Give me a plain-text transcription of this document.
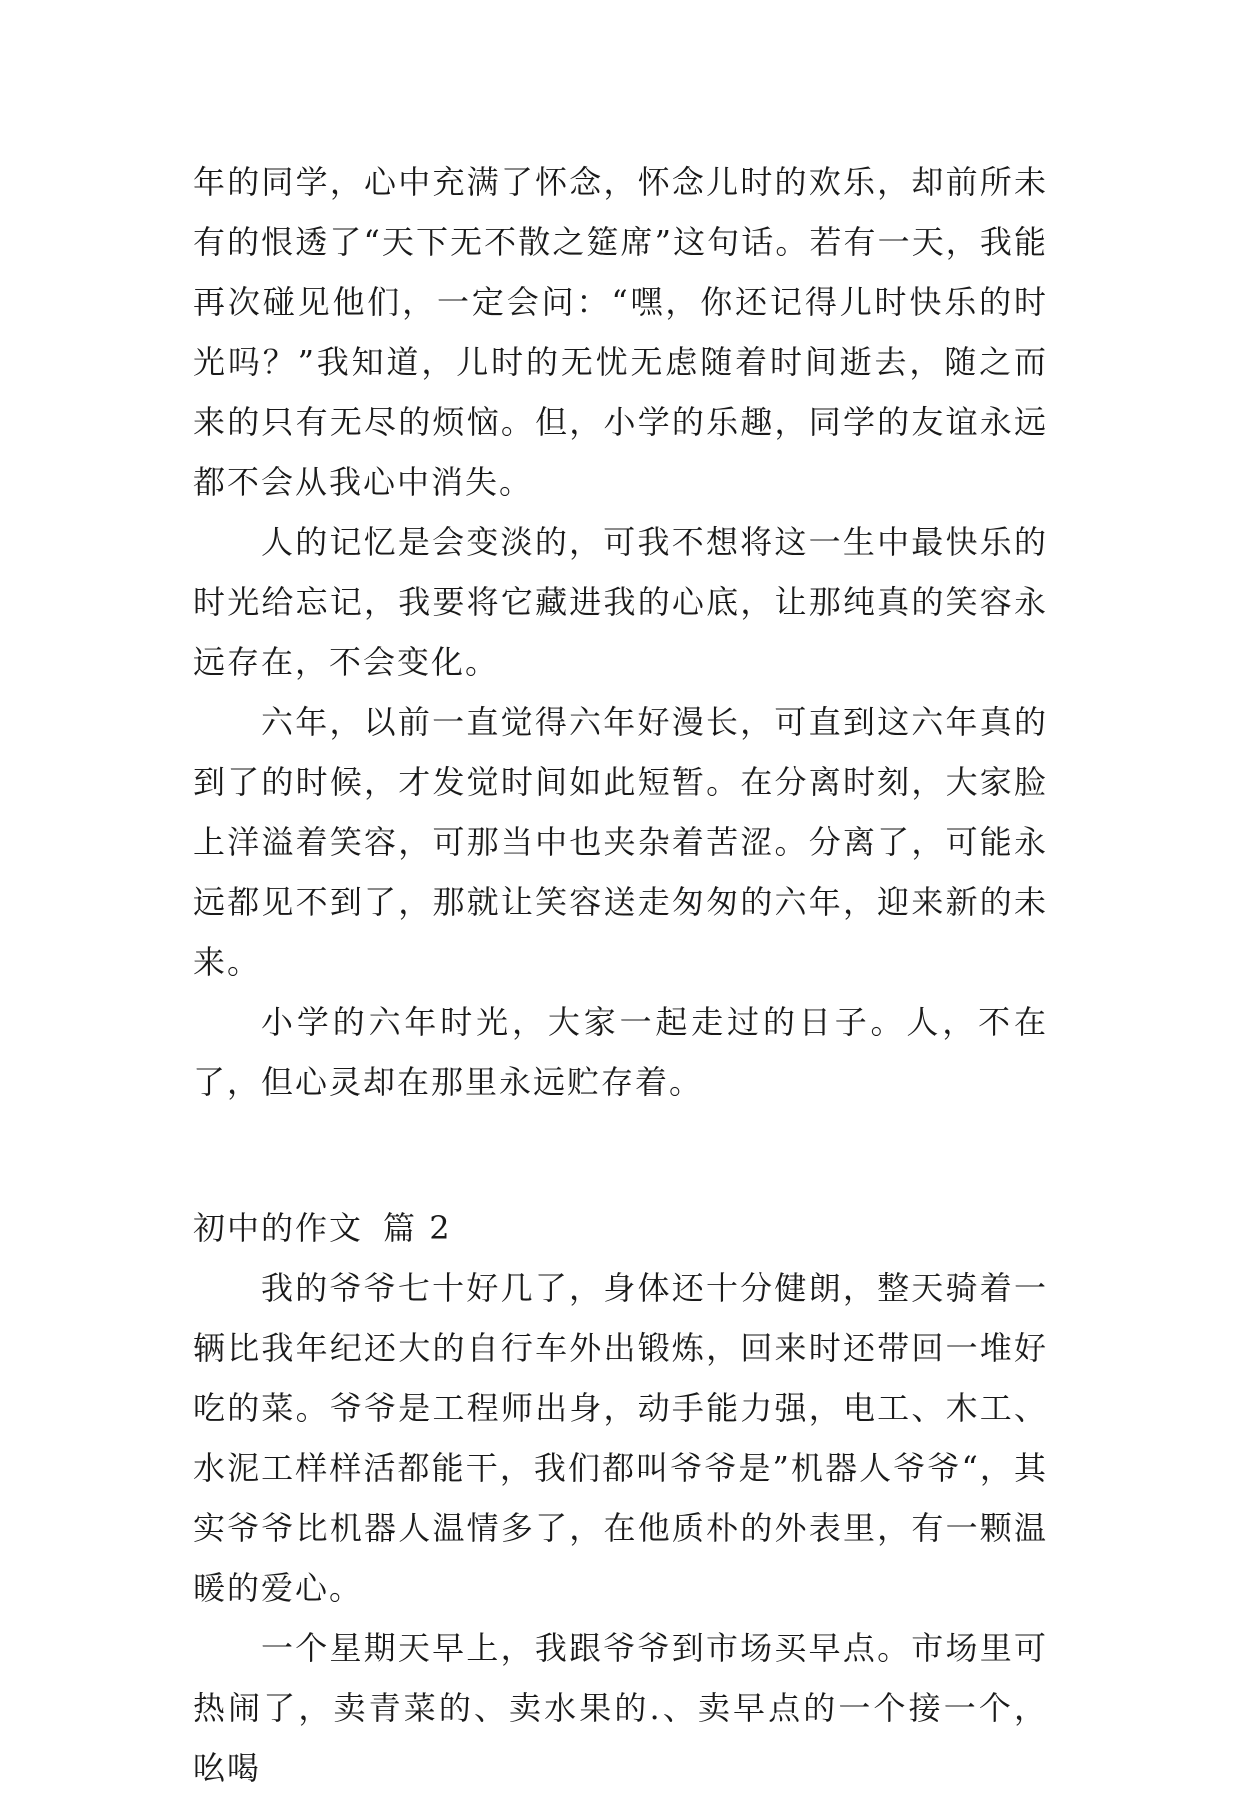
年的同学，心中充满了怀念，怀念儿时的欢乐，却前所未有的恨透了“天下无不散之筵席”这句话。若有一天，我能再次碰见他们，一定会问：“嘿，你还记得儿时快乐的时光吗？”我知道，儿时的无忧无虑随着时间逝去，随之而来的只有无尽的烦恼。但，小学的乐趣，同学的友谊永远都不会从我心中消失。

人的记忆是会变淡的，可我不想将这一生中最快乐的时光给忘记，我要将它藏进我的心底，让那纯真的笑容永远存在，不会变化。

六年，以前一直觉得六年好漫长，可直到这六年真的到了的时候，才发觉时间如此短暂。在分离时刻，大家脸上洋溢着笑容，可那当中也夹杂着苦涩。分离了，可能永远都见不到了，那就让笑容送走匆匆的六年，迎来新的未来。

小学的六年时光，大家一起走过的日子。人，不在了，但心灵却在那里永远贮存着。

初中的作文 篇 2

我的爷爷七十好几了，身体还十分健朗，整天骑着一辆比我年纪还大的自行车外出锻炼，回来时还带回一堆好吃的菜。爷爷是工程师出身，动手能力强，电工、木工、水泥工样样活都能干，我们都叫爷爷是”机器人爷爷“，其实爷爷比机器人温情多了，在他质朴的外表里，有一颗温暖的爱心。

一个星期天早上，我跟爷爷到市场买早点。市场里可热闹了，卖青菜的、卖水果的.、卖早点的一个接一个，吆喝
